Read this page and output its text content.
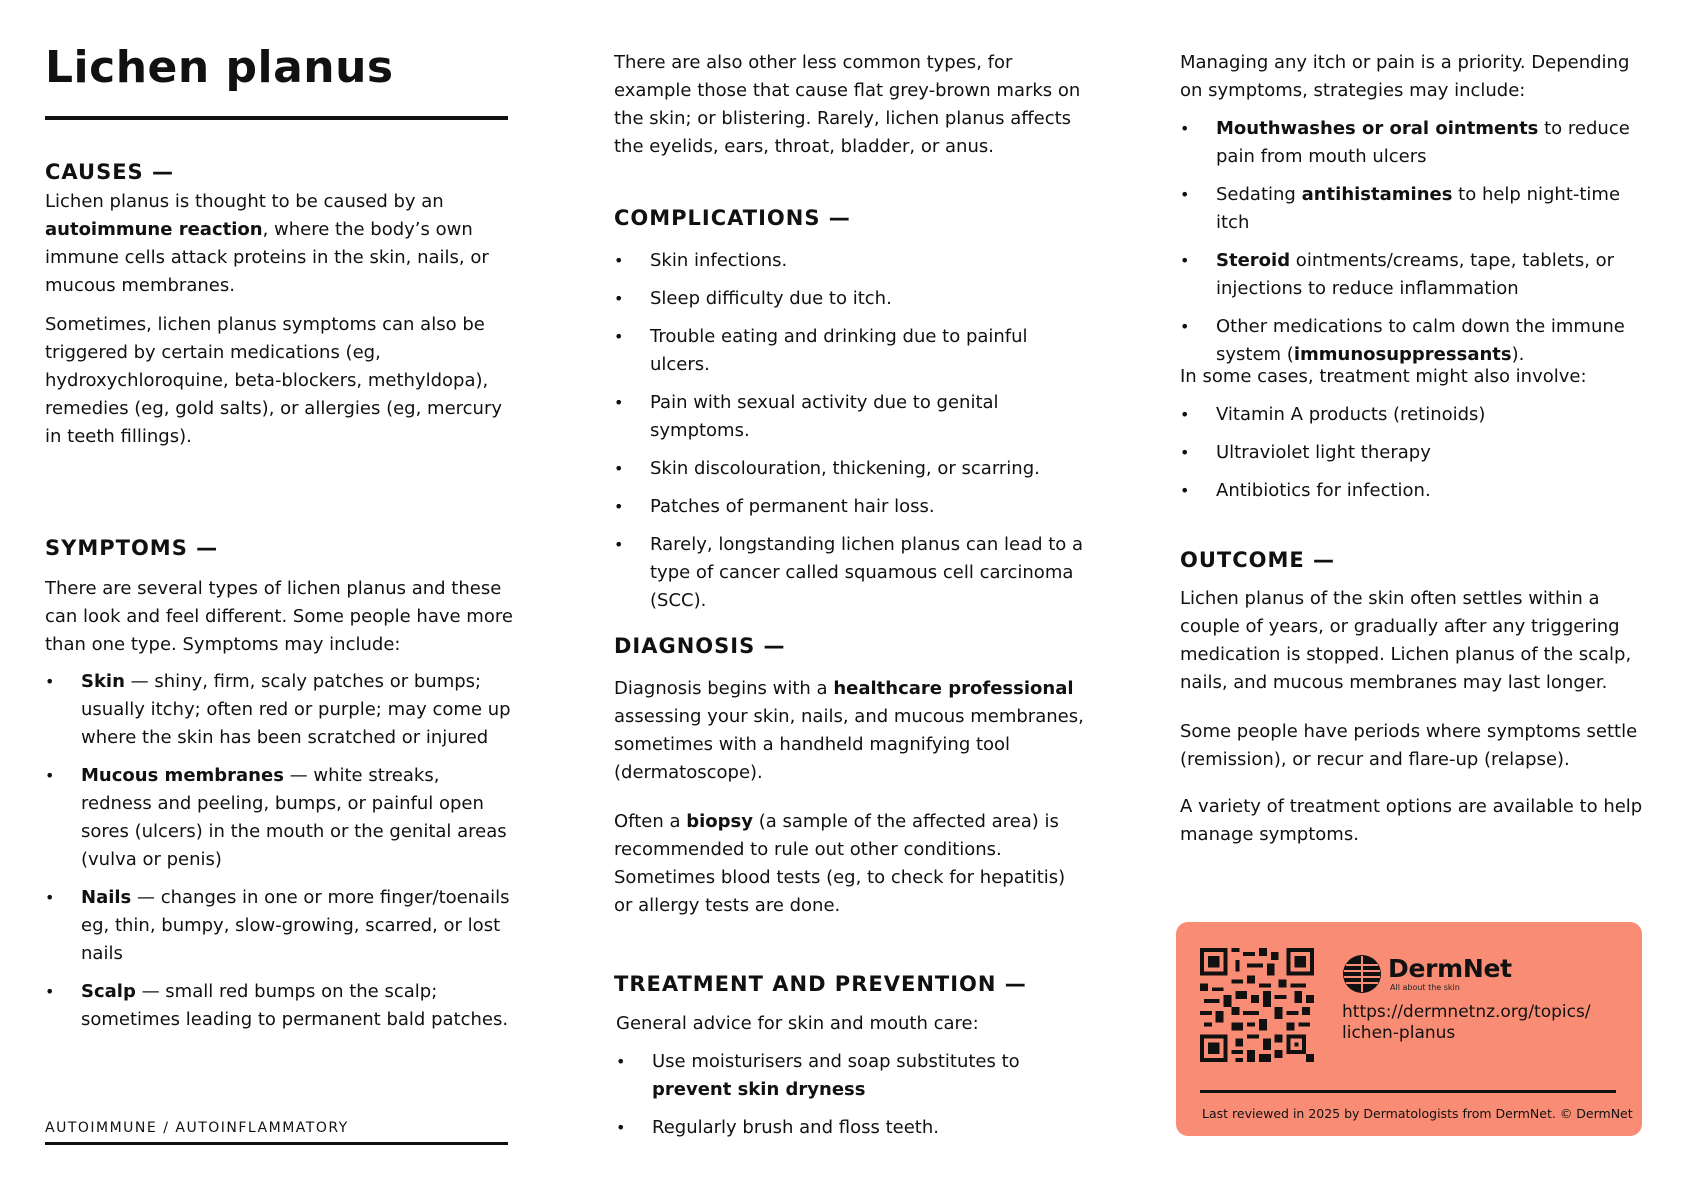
Lichen planus
CAUSES —

Lichen planus is thought to be caused by an autoimmune reaction, where the body’s own immune cells attack proteins in the skin, nails, or mucous membranes.

Sometimes, lichen planus symptoms can also be triggered by certain medications (eg, hydroxychloroquine, beta-blockers, methyldopa), remedies (eg, gold salts), or allergies (eg, mercury in teeth fillings).

SYMPTOMS —

There are several types of lichen planus and these can look and feel different. Some people have more than one type. Symptoms may include:

• Skin — shiny, firm, scaly patches or bumps; usually itchy; often red or purple; may come up where the skin has been scratched or injured
• Mucous membranes — white streaks, redness and peeling, bumps, or painful open sores (ulcers) in the mouth or the genital areas (vulva or penis)
• Nails — changes in one or more finger/toenails eg, thin, bumpy, slow-growing, scarred, or lost nails
• Scalp — small red bumps on the scalp; sometimes leading to permanent bald patches.
AUTOIMMUNE / AUTOINFLAMMATORY

There are also other less common types, for example those that cause flat grey-brown marks on the skin; or blistering. Rarely, lichen planus affects the eyelids, ears, throat, bladder, or anus.

COMPLICATIONS —
• Skin infections.
• Sleep difficulty due to itch.
• Trouble eating and drinking due to painful ulcers.
• Pain with sexual activity due to genital symptoms.
• Skin discolouration, thickening, or scarring.
• Patches of permanent hair loss.
• Rarely, longstanding lichen planus can lead to a type of cancer called squamous cell carcinoma (SCC).
DIAGNOSIS —

Diagnosis begins with a healthcare professional assessing your skin, nails, and mucous membranes, sometimes with a handheld magnifying tool (dermatoscope).

Often a biopsy (a sample of the affected area) is recommended to rule out other conditions. Sometimes blood tests (eg, to check for hepatitis) or allergy tests are done.

TREATMENT AND PREVENTION —

General advice for skin and mouth care:

• Use moisturisers and soap substitutes to prevent skin dryness
• Regularly brush and floss teeth.

Managing any itch or pain is a priority. Depending on symptoms, strategies may include:

• Mouthwashes or oral ointments to reduce pain from mouth ulcers
• Sedating antihistamines to help night-time itch
• Steroid ointments/creams, tape, tablets, or injections to reduce inflammation
• Other medications to calm down the immune system (immunosuppressants).

In some cases, treatment might also involve:

• Vitamin A products (retinoids)
• Ultraviolet light therapy
• Antibiotics for infection.
OUTCOME —

Lichen planus of the skin often settles within a couple of years, or gradually after any triggering medication is stopped. Lichen planus of the scalp, nails, and mucous membranes may last longer.

Some people have periods where symptoms settle (remission), or recur and flare-up (relapse).

A variety of treatment options are available to help manage symptoms.

DermNet
All about the skin
https://dermnetnz.org/topics/ lichen-planus
Last reviewed in 2025 by Dermatologists from DermNet. © DermNet
